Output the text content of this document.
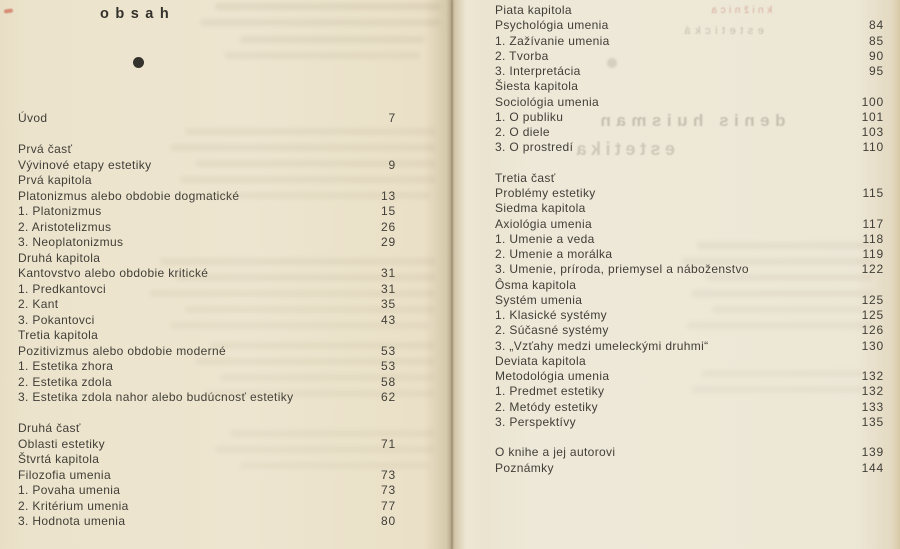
obsah
Úvod	7

Prvá časť
Vývinové etapy estetiky	9
Prvá kapitola
Platonizmus alebo obdobie dogmatické	13
1. Platonizmus	15
2. Aristotelizmus	26
3. Neoplatonizmus	29
Druhá kapitola
Kantovstvo alebo obdobie kritické	31
1. Predkantovci	31
2. Kant	35
3. Pokantovci	43
Tretia kapitola
Pozitivizmus alebo obdobie moderné	53
1. Estetika zhora	53
2. Estetika zdola	58
3. Estetika zdola nahor alebo budúcnosť estetiky	62

Druhá časť
Oblasti estetiky	71
Štvrtá kapitola
Filozofia umenia	73
1. Povaha umenia	73
2. Kritérium umenia	77
3. Hodnota umenia	80
knižnica
estetická
denis huisman
estetika
Piata kapitola
Psychológia umenia	84
1. Zažívanie umenia	85
2. Tvorba	90
3. Interpretácia	95
Šiesta kapitola
Sociológia umenia	100
1. O publiku	101
2. O diele	103
3. O prostredí	110

Tretia časť
Problémy estetiky	115
Siedma kapitola
Axiológia umenia	117
1. Umenie a veda	118
2. Umenie a morálka	119
3. Umenie, príroda, priemysel a náboženstvo	122
Ôsma kapitola
Systém umenia	125
1. Klasické systémy	125
2. Súčasné systémy	126
3. „Vzťahy medzi umeleckými druhmi“	130
Deviata kapitola
Metodológia umenia	132
1. Predmet estetiky	132
2. Metódy estetiky	133
3. Perspektívy	135

O knihe a jej autorovi	139
Poznámky	144
